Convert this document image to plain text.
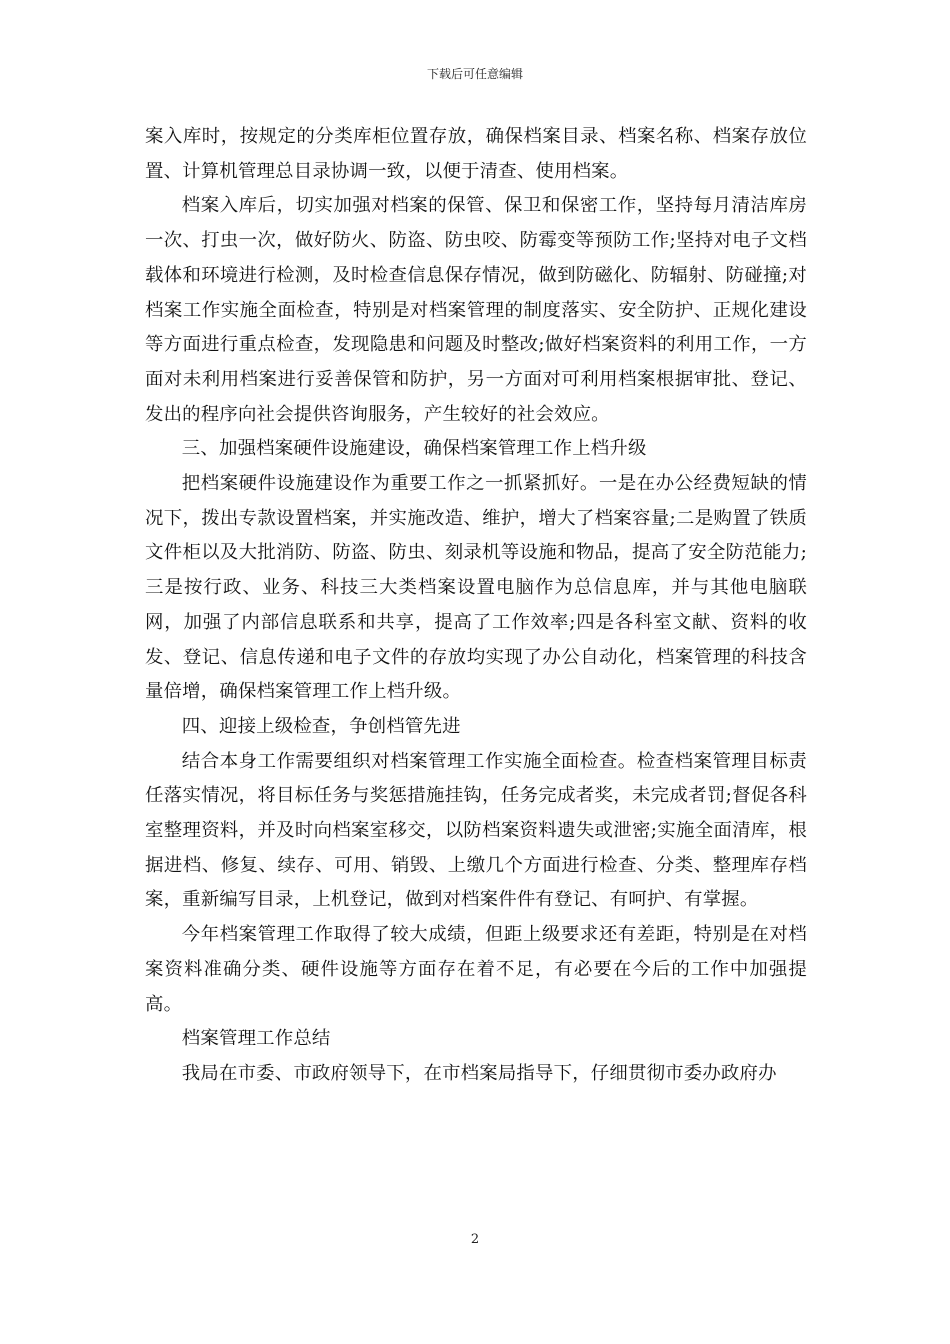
下载后可任意编辑

案入库时，按规定的分类库柜位置存放，确保档案目录、档案名称、档案存放位置、计算机管理总目录协调一致，以便于清查、使用档案。

档案入库后，切实加强对档案的保管、保卫和保密工作，坚持每月清洁库房一次、打虫一次，做好防火、防盗、防虫咬、防霉变等预防工作;坚持对电子文档载体和环境进行检测，及时检查信息保存情况，做到防磁化、防辐射、防碰撞;对档案工作实施全面检查，特别是对档案管理的制度落实、安全防护、正规化建设等方面进行重点检查，发现隐患和问题及时整改;做好档案资料的利用工作，一方面对未利用档案进行妥善保管和防护，另一方面对可利用档案根据审批、登记、发出的程序向社会提供咨询服务，产生较好的社会效应。

三、加强档案硬件设施建设，确保档案管理工作上档升级

把档案硬件设施建设作为重要工作之一抓紧抓好。一是在办公经费短缺的情况下，拨出专款设置档案，并实施改造、维护，增大了档案容量;二是购置了铁质文件柜以及大批消防、防盗、防虫、刻录机等设施和物品，提高了安全防范能力;三是按行政、业务、科技三大类档案设置电脑作为总信息库，并与其他电脑联网，加强了内部信息联系和共享，提高了工作效率;四是各科室文献、资料的收发、登记、信息传递和电子文件的存放均实现了办公自动化，档案管理的科技含量倍增，确保档案管理工作上档升级。

四、迎接上级检查，争创档管先进

结合本身工作需要组织对档案管理工作实施全面检查。检查档案管理目标责任落实情况，将目标任务与奖惩措施挂钩，任务完成者奖，未完成者罚;督促各科室整理资料，并及时向档案室移交，以防档案资料遗失或泄密;实施全面清库，根据进档、修复、续存、可用、销毁、上缴几个方面进行检查、分类、整理库存档案，重新编写目录，上机登记，做到对档案件件有登记、有呵护、有掌握。

今年档案管理工作取得了较大成绩，但距上级要求还有差距，特别是在对档案资料准确分类、硬件设施等方面存在着不足，有必要在今后的工作中加强提高。

档案管理工作总结

我局在市委、市政府领导下，在市档案局指导下，仔细贯彻市委办政府办

2
